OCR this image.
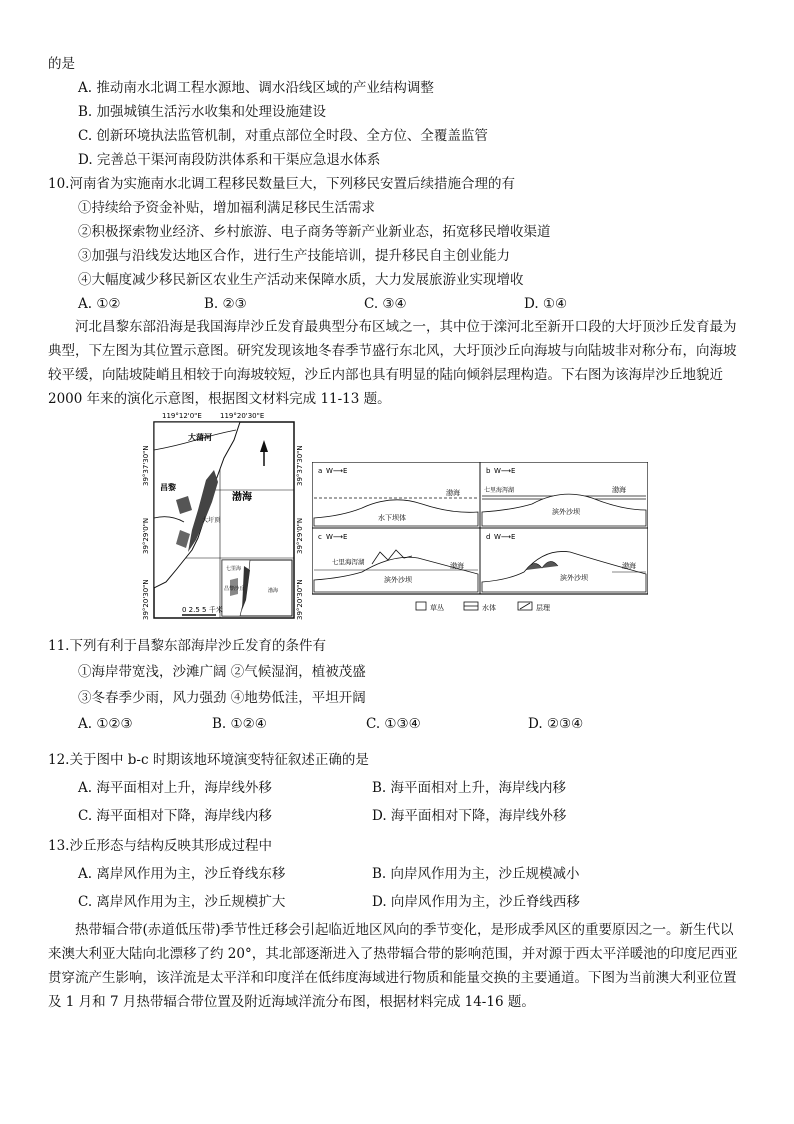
的是
A. 推动南水北调工程水源地、调水沿线区域的产业结构调整
B. 加强城镇生活污水收集和处理设施建设
C. 创新环境执法监管机制，对重点部位全时段、全方位、全覆盖监管
D. 完善总干渠河南段防洪体系和干渠应急退水体系
10.河南省为实施南水北调工程移民数量巨大，下列移民安置后续措施合理的有
①持续给予资金补贴，增加福利满足移民生活需求
②积极探索物业经济、乡村旅游、电子商务等新产业新业态，拓宽移民增收渠道
③加强与沿线发达地区合作，进行生产技能培训，提升移民自主创业能力
④大幅度减少移民新区农业生产活动来保障水质，大力发展旅游业实现增收
A. ①②	B. ②③	C. ③④	D. ①④
河北昌黎东部沿海是我国海岸沙丘发育最典型分布区域之一，其中位于滦河北至新开口段的大圩顶沙丘发育最为典型，下左图为其位置示意图。研究发现该地冬春季节盛行东北风，大圩顶沙丘向海坡与向陆坡非对称分布，向海坡较平缓，向陆坡陡峭且相较于向海坡较短，沙丘内部也具有明显的陆向倾斜层理构造。下右图为该海岸沙丘地貌近 2000 年来的演化示意图，根据图文材料完成 11-13 题。
119°12'0"E	119°20'30"E
大蒲河
昌黎
渤海
大圩顶
七里海
昌黎沙丘	渤海
0 2.5 5 千米
39°37'30"N
39°29'0"N
39°20'30"N
39°37'30"N
39°29'0"N
39°20'30"N
a W⟶E
渤海
水下坝体
b W⟶E
七里海泻湖	渤海
滨外沙坝
c W⟶E
七里海泻湖	渤海
滨外沙坝
d W⟶E
渤海
滨外沙坝
草丛	水体	层理
11.下列有利于昌黎东部海岸沙丘发育的条件有
①海岸带宽浅，沙滩广阔 ②气候湿润，植被茂盛
③冬春季少雨，风力强劲 ④地势低洼，平坦开阔
A. ①②③	B. ①②④	C. ①③④	D. ②③④
12.关于图中 b-c 时期该地环境演变特征叙述正确的是
A. 海平面相对上升，海岸线外移	B. 海平面相对上升，海岸线内移
C. 海平面相对下降，海岸线内移	D. 海平面相对下降，海岸线外移
13.沙丘形态与结构反映其形成过程中
A. 离岸风作用为主，沙丘脊线东移	B. 向岸风作用为主，沙丘规模减小
C. 离岸风作用为主，沙丘规模扩大	D. 向岸风作用为主，沙丘脊线西移
热带辐合带(赤道低压带)季节性迁移会引起临近地区风向的季节变化，是形成季风区的重要原因之一。新生代以来澳大利亚大陆向北漂移了约 20°，其北部逐渐进入了热带辐合带的影响范围，并对源于西太平洋暖池的印度尼西亚贯穿流产生影响，该洋流是太平洋和印度洋在低纬度海域进行物质和能量交换的主要通道。下图为当前澳大利亚位置及 1 月和 7 月热带辐合带位置及附近海域洋流分布图，根据材料完成 14-16 题。
